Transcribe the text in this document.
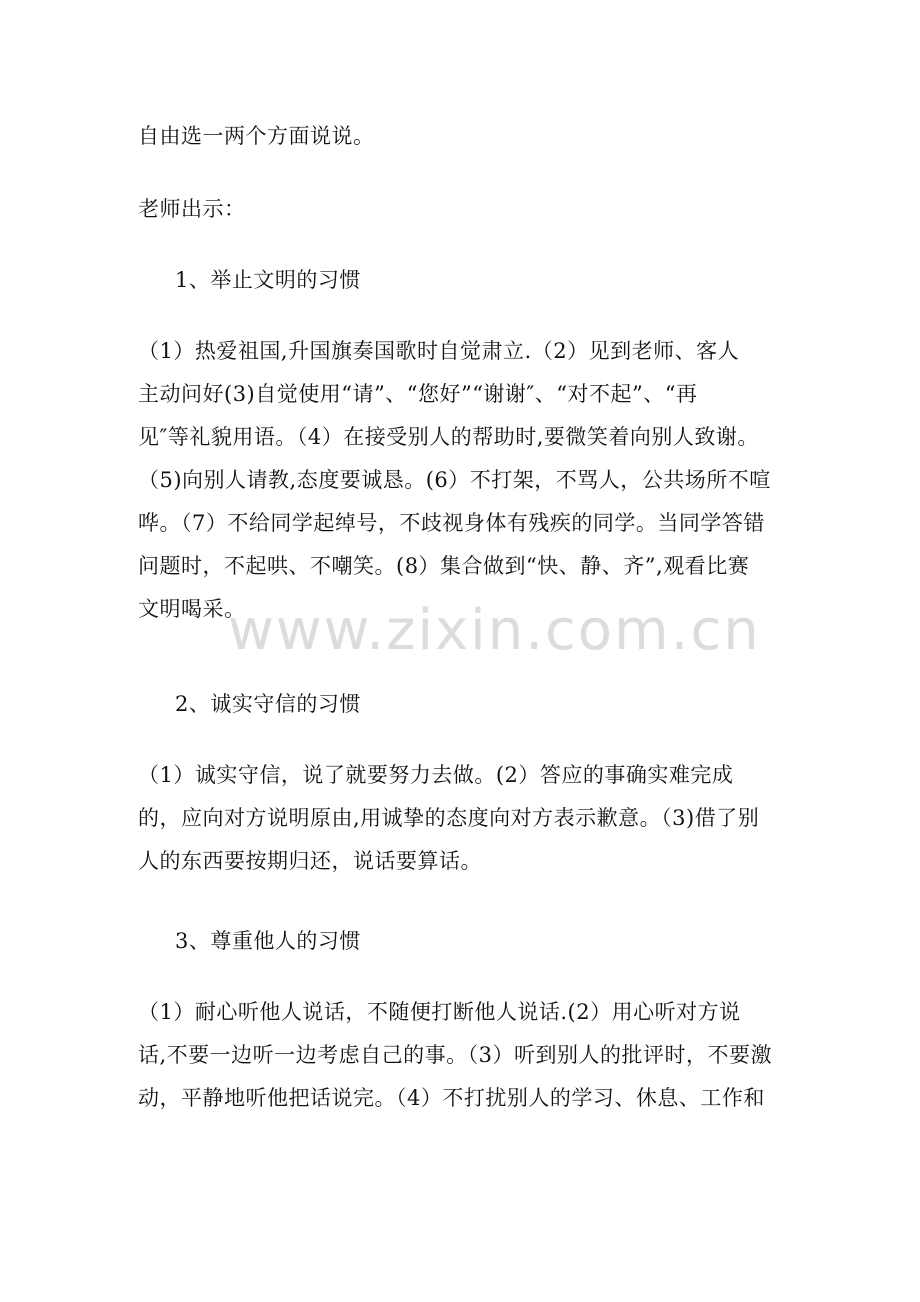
自由选一两个方面说说。
老师出示：
1、举止文明的习惯
（1）热爱祖国,升国旗奏国歌时自觉肃立.（2）见到老师、客人
主动问好(3)自觉使用“请”、“您好”“谢谢″、“对不起”、“再
见″等礼貌用语。（4）在接受别人的帮助时,要微笑着向别人致谢。
（5)向别人请教,态度要诚恳。(6）不打架，不骂人，公共场所不喧
哗。（7）不给同学起绰号，不歧视身体有残疾的同学。当同学答错
问题时，不起哄、不嘲笑。(8）集合做到“快、静、齐”,观看比赛
文明喝采。
2、诚实守信的习惯
（1）诚实守信，说了就要努力去做。(2）答应的事确实难完成
的，应向对方说明原由,用诚挚的态度向对方表示歉意。（3)借了别
人的东西要按期归还，说话要算话。
3、尊重他人的习惯
（1）耐心听他人说话，不随便打断他人说话.(2）用心听对方说
话,不要一边听一边考虑自己的事。（3）听到别人的批评时，不要激
动，平静地听他把话说完。（4）不打扰别人的学习、休息、工作和
www.zixin.com.cn
